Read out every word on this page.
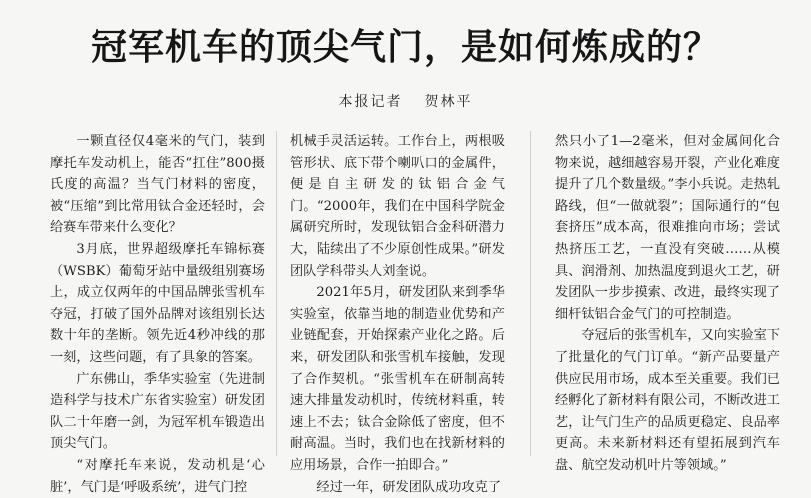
冠军机车的顶尖气门，是如何炼成的？
本报记者 贺林平

一颗直径仅4毫米的气门，装到摩托车发动机上，能否“扛住”800摄氏度的高温？当气门材料的密度，被“压缩”到比常用钛合金还轻时，会给赛车带来什么变化？

3月底，世界超级摩托车锦标赛（WSBK）葡萄牙站中量级组别赛场上，成立仅两年的中国品牌张雪机车夺冠，打破了国外品牌对该组别长达数十年的垄断。领先近4秒冲线的那一刻，这些问题，有了具象的答案。

广东佛山，季华实验室（先进制造科学与技术广东省实验室）研发团队二十年磨一剑，为冠军机车锻造出顶尖气门。

“对摩托车来说，发动机是‘心脏’，气门是‘呼吸系统’，进气门控

机械手灵活运转。工作台上，两根吸管形状、底下带个喇叭口的金属件，便是自主研发的钛铝合金气门。“2000年，我们在中国科学院金属研究所时，发现钛铝合金科研潜力大，陆续出了不少原创性成果。”研发团队学科带头人刘奎说。

2021年5月，研发团队来到季华实验室，依靠当地的制造业优势和产业链配套，开始探索产业化之路。后来，研发团队和张雪机车接触，发现了合作契机。“张雪机车在研制高转速大排量发动机时，传统材料重，转速上不去；钛合金除低了密度，但不耐高温。当时，我们也在找新材料的应用场景，合作一拍即合。”

经过一年，研发团队成功攻克了

然只小了1—2毫米，但对金属间化合物来说，越细越容易开裂，产业化难度提升了几个数量级。”李小兵说。走热轧路线，但“一做就裂”；国际通行的“包套挤压”成本高，很难推向市场；尝试热挤压工艺，一直没有突破……从模具、润滑剂、加热温度到退火工艺，研发团队一步步摸索、改进，最终实现了细杆钛铝合金气门的可控制造。

夺冠后的张雪机车，又向实验室下了批量化的气门订单。“新产品要量产供应民用市场，成本至关重要。我们已经孵化了新材料有限公司，不断改进工艺，让气门生产的品质更稳定、良品率更高。未来新材料还有望拓展到汽车盘、航空发动机叶片等领域。”
